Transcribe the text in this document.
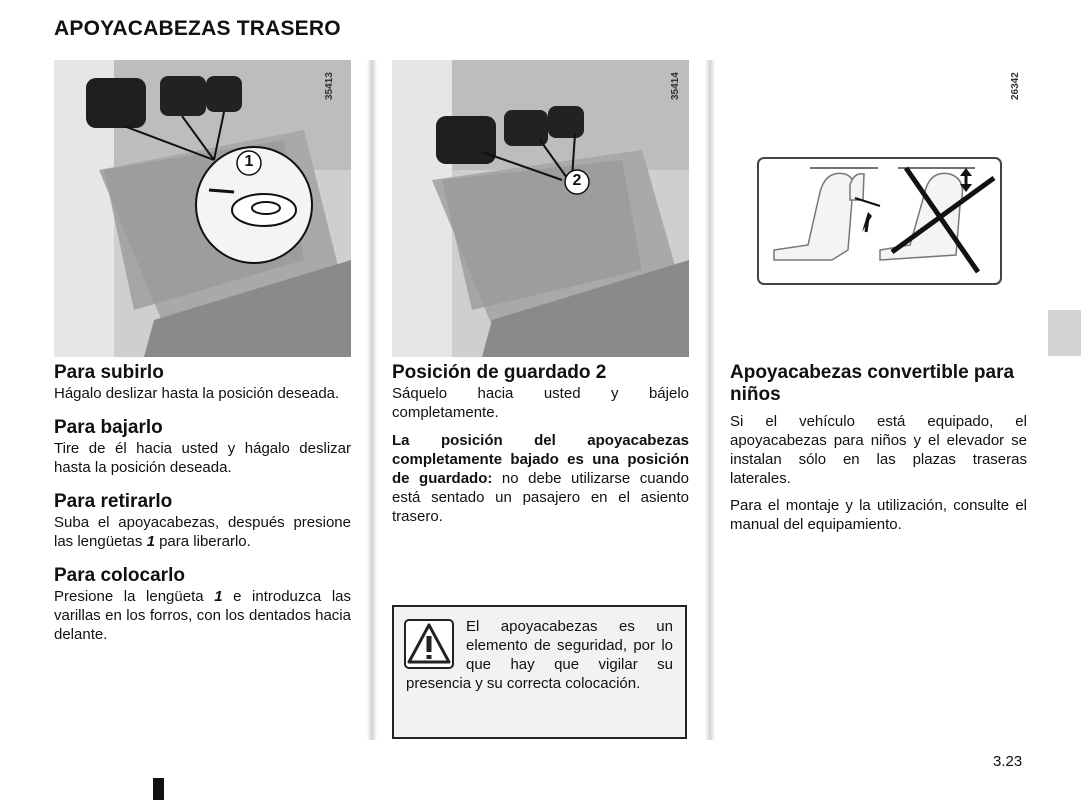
APOYACABEZAS TRASERO
35413
1
35414
2
26342
Para subirlo

Hágalo deslizar hasta la posición deseada.

Para bajarlo

Tire de él hacia usted y hágalo deslizar hasta la posición deseada.

Para retirarlo

Suba el apoyacabezas, después presione las lengüetas 1 para liberarlo.

Para colocarlo

Presione la lengüeta 1 e introduzca las varillas en los forros, con los dentados hacia delante.

Posición de guardado 2

Sáquelo hacia usted y bájelo completamente.

La posición del apoyacabezas completamente bajado es una posición de guardado: no debe utilizarse cuando está sentado un pasajero en el asiento trasero.

El apoyacabezas es un elemento de seguridad, por lo que hay que vigilar su presencia y su correcta colocación.
Apoyacabezas convertible para niños

Si el vehículo está equipado, el apoyacabezas para niños y el elevador se instalan sólo en las plazas traseras laterales.

Para el montaje y la utilización, consulte el manual del equipamiento.

3.23
